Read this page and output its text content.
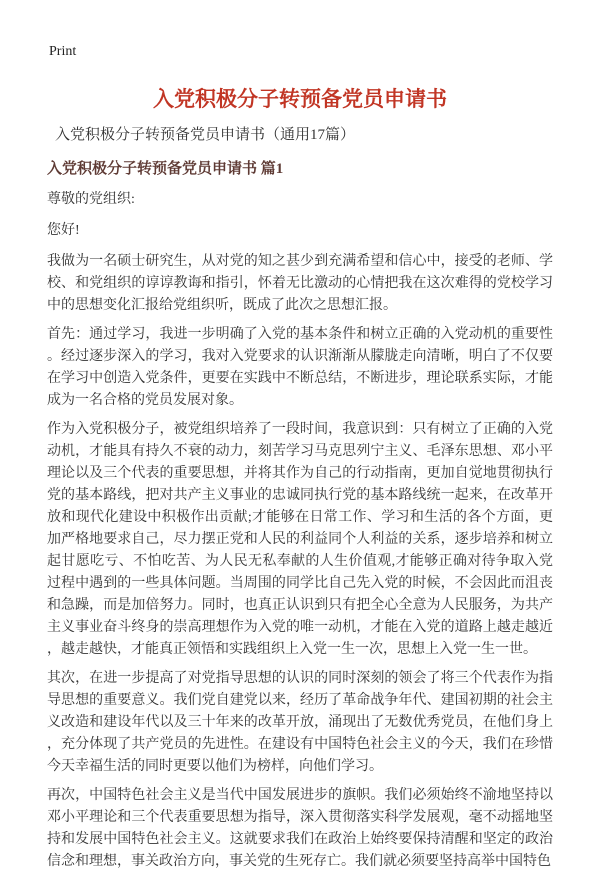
Print
入党积极分子转预备党员申请书
入党积极分子转预备党员申请书（通用17篇）
入党积极分子转预备党员申请书 篇1
尊敬的党组织:
您好!

我做为一名硕士研究生，从对党的知之甚少到充满希望和信心中，接受的老师、学校、和党组织的谆谆教诲和指引，怀着无比激动的心情把我在这次难得的党校学习中的思想变化汇报给党组织听，既成了此次之思想汇报。

首先：通过学习，我进一步明确了入党的基本条件和树立正确的入党动机的重要性。经过逐步深入的学习，我对入党要求的认识渐渐从朦胧走向清晰，明白了不仅要在学习中创造入党条件，更要在实践中不断总结，不断进步，理论联系实际，才能成为一名合格的党员发展对象。

作为入党积极分子，被党组织培养了一段时间，我意识到：只有树立了正确的入党动机，才能具有持久不衰的动力，刻苦学习马克思列宁主义、毛泽东思想、邓小平理论以及三个代表的重要思想，并将其作为自己的行动指南，更加自觉地贯彻执行党的基本路线，把对共产主义事业的忠诚同执行党的基本路线统一起来，在改革开放和现代化建设中积极作出贡献;才能够在日常工作、学习和生活的各个方面，更加严格地要求自己，尽力摆正党和人民的利益同个人利益的关系，逐步培养和树立起甘愿吃亏、不怕吃苦、为人民无私奉献的人生价值观,才能够正确对待争取入党过程中遇到的一些具体问题。当周围的同学比自己先入党的时候，不会因此而沮丧和急躁，而是加倍努力。同时，也真正认识到只有把全心全意为人民服务，为共产主义事业奋斗终身的崇高理想作为入党的唯一动机，才能在入党的道路上越走越近，越走越快，才能真正领悟和实践组织上入党一生一次，思想上入党一生一世。

其次，在进一步提高了对党指导思想的认识的同时深刻的领会了将三个代表作为指导思想的重要意义。我们党自建党以来，经历了革命战争年代、建国初期的社会主义改造和建设年代以及三十年来的改革开放，涌现出了无数优秀党员，在他们身上，充分体现了共产党员的先进性。在建设有中国特色社会主义的今天，我们在珍惜今天幸福生活的同时更要以他们为榜样，向他们学习。

再次，中国特色社会主义是当代中国发展进步的旗帜。我们必须始终不渝地坚持以邓小平理论和三个代表重要思想为指导，深入贯彻落实科学发展观，毫不动摇地坚持和发展中国特色社会主义。这就要求我们在政治上始终要保持清醒和坚定的政治信念和理想，事关政治方向，事关党的生死存亡。我们就必须要坚持高举中国特色
